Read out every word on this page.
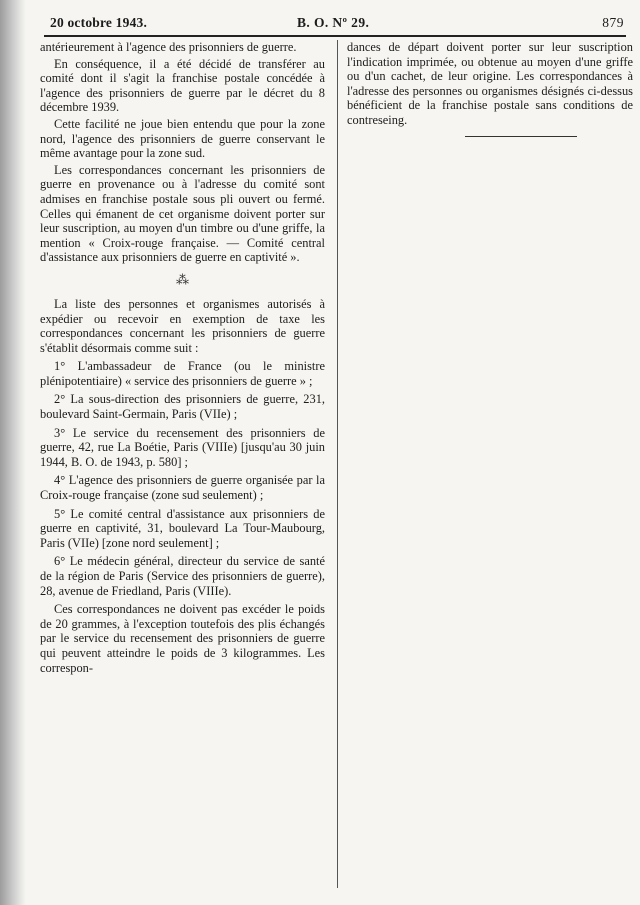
20 octobre 1943.	B. O. Nº 29.	879

antérieurement à l'agence des prisonniers de guerre.

En conséquence, il a été décidé de transférer au comité dont il s'agit la franchise postale concédée à l'agence des prisonniers de guerre par le décret du 8 décembre 1939.

Cette facilité ne joue bien entendu que pour la zone nord, l'agence des prisonniers de guerre conservant le même avantage pour la zone sud.

Les correspondances concernant les prisonniers de guerre en provenance ou à l'adresse du comité sont admises en franchise postale sous pli ouvert ou fermé. Celles qui émanent de cet organisme doivent porter sur leur suscription, au moyen d'un timbre ou d'une griffe, la mention « Croix-rouge française. — Comité central d'assistance aux prisonniers de guerre en captivité ».

⁂

La liste des personnes et organismes autorisés à expédier ou recevoir en exemption de taxe les correspondances concernant les prisonniers de guerre s'établit désormais comme suit :

1° L'ambassadeur de France (ou le ministre plénipotentiaire) « service des prisonniers de guerre » ;

2° La sous-direction des prisonniers de guerre, 231, boulevard Saint-Germain, Paris (VIIe) ;

3° Le service du recensement des prisonniers de guerre, 42, rue La Boétie, Paris (VIIIe) [jusqu'au 30 juin 1944, B. O. de 1943, p. 580] ;

4° L'agence des prisonniers de guerre organisée par la Croix-rouge française (zone sud seulement) ;

5° Le comité central d'assistance aux prisonniers de guerre en captivité, 31, boulevard La Tour-Maubourg, Paris (VIIe) [zone nord seulement] ;

6° Le médecin général, directeur du service de santé de la région de Paris (Service des prisonniers de guerre), 28, avenue de Friedland, Paris (VIIIe).

Ces correspondances ne doivent pas excéder le poids de 20 grammes, à l'exception toutefois des plis échangés par le service du recensement des prisonniers de guerre qui peuvent atteindre le poids de 3 kilogrammes. Les correspon-

dances de départ doivent porter sur leur suscription l'indication imprimée, ou obtenue au moyen d'une griffe ou d'un cachet, de leur origine. Les correspondances à l'adresse des personnes ou organismes désignés ci-dessus bénéficient de la franchise postale sans conditions de contreseing.
